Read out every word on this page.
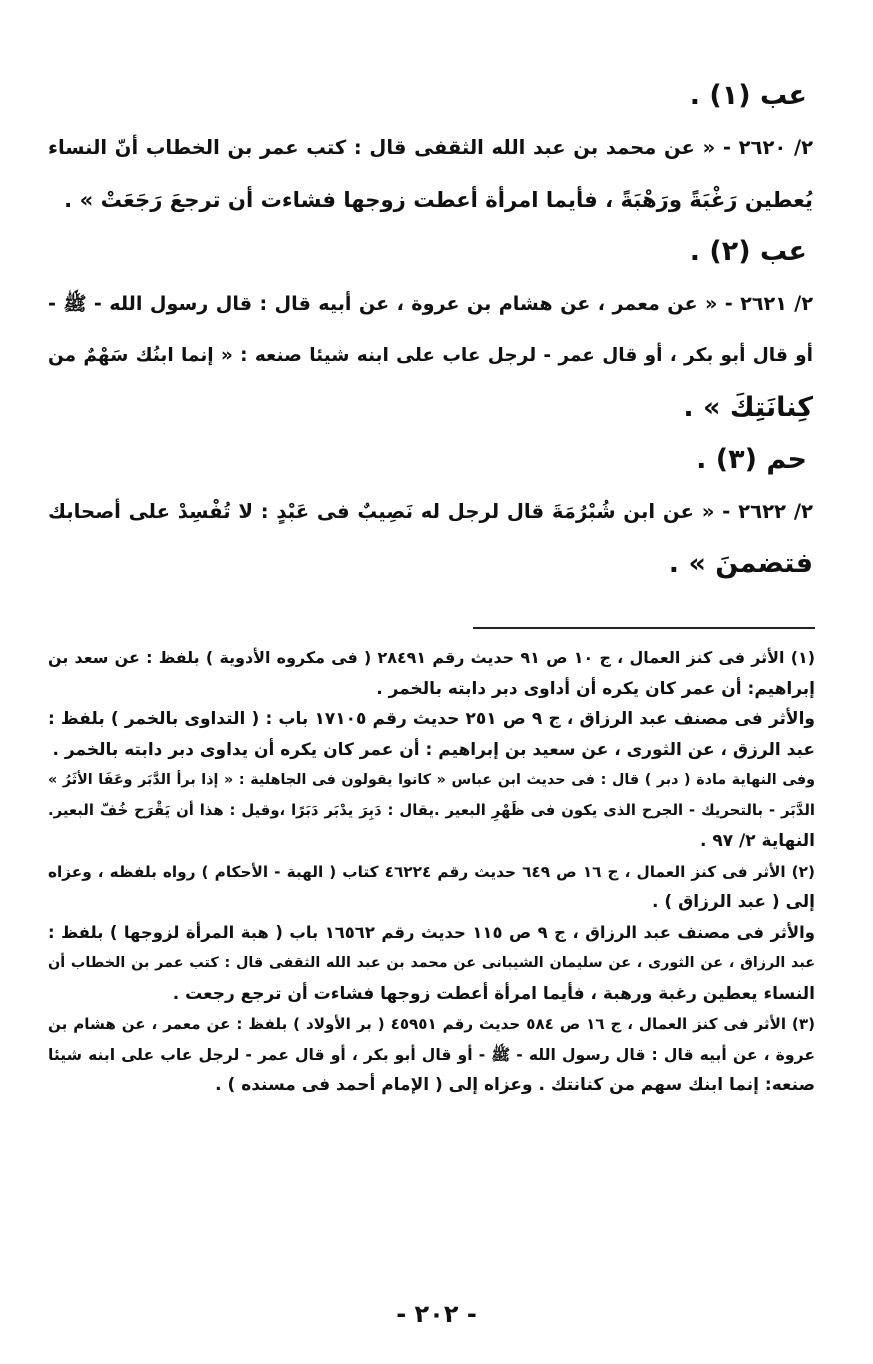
عب (١) .
٢/ ٢٦٢٠ - « عن محمد بن عبد الله الثقفى قال : كتب عمر بن الخطاب أنّ النساء
يُعطين رَغْبَةً ورَهْبَةً ، فأيما امرأة أعطت زوجها فشاءت أن ترجعَ رَجَعَتْ » .
عب (٢) .
٢/ ٢٦٢١ - « عن معمر ، عن هشام بن عروة ، عن أبيه قال : قال رسول الله - ﷺ -
أو قال أبو بكر ، أو قال عمر - لرجل عاب على ابنه شيئا صنعه : « إنما ابنُك سَهْمٌ من
كِنانَتِكَ » .
حم (٣) .
٢/ ٢٦٢٢ - « عن ابن شُبْرُمَةَ قال لرجل له نَصِيبٌ فى عَبْدٍ : لا تُفْسِدْ على أصحابك
فتضمنَ » .
(١) الأثر فى كنز العمال ، ج ١٠ ص ٩١ حديث رقم ٢٨٤٩١ ( فى مكروه الأدوية ) بلفظ : عن سعد بن
إبراهيم: أن عمر كان يكره أن أداوى دبر دابته بالخمر .
والأثر فى مصنف عبد الرزاق ، ج ٩ ص ٢٥١ حديث رقم ١٧١٠٥ باب : ( التداوى بالخمر ) بلفظ :
عبد الرزق ، عن الثورى ، عن سعيد بن إبراهيم : أن عمر كان يكره أن يداوى دبر دابته بالخمر .
وفى النهاية مادة ( دبر ) قال : فى حديث ابن عباس « كانوا يقولون فى الجاهلية : « إذا برأ الدَّبَر وعَفَا الأثَرُ »
الدَّبَر - بالتحريك - الجرح الذى يكون فى ظَهْرِ البعير .يقال : دَبِرَ يدْبَر دَبَرًا ،وقيل : هذا أن يَقْرَح خُفّ البعير.
النهاية ٢/ ٩٧ .
(٢) الأثر فى كنز العمال ، ج ١٦ ص ٦٤٩ حديث رقم ٤٦٢٢٤ كتاب ( الهبة - الأحكام ) رواه بلفظه ، وعزاه
إلى ( عبد الرزاق ) .
والأثر فى مصنف عبد الرزاق ، ج ٩ ص ١١٥ حديث رقم ١٦٥٦٢ باب ( هبة المرأة لزوجها ) بلفظ :
عبد الرزاق ، عن الثورى ، عن سليمان الشيبانى عن محمد بن عبد الله الثقفى قال : كتب عمر بن الخطاب أن
النساء يعطين رغبة ورهبة ، فأيما امرأة أعطت زوجها فشاءت أن ترجع رجعت .
(٣) الأثر فى كنز العمال ، ج ١٦ ص ٥٨٤ حديث رقم ٤٥٩٥١ ( بر الأولاد ) بلفظ : عن معمر ، عن هشام بن
عروة ، عن أبيه قال : قال رسول الله - ﷺ - أو قال أبو بكر ، أو قال عمر - لرجل عاب على ابنه شيئا
صنعه: إنما ابنك سهم من كنانتك . وعزاه إلى ( الإمام أحمد فى مسنده ) .
- ٢٠٢ -
